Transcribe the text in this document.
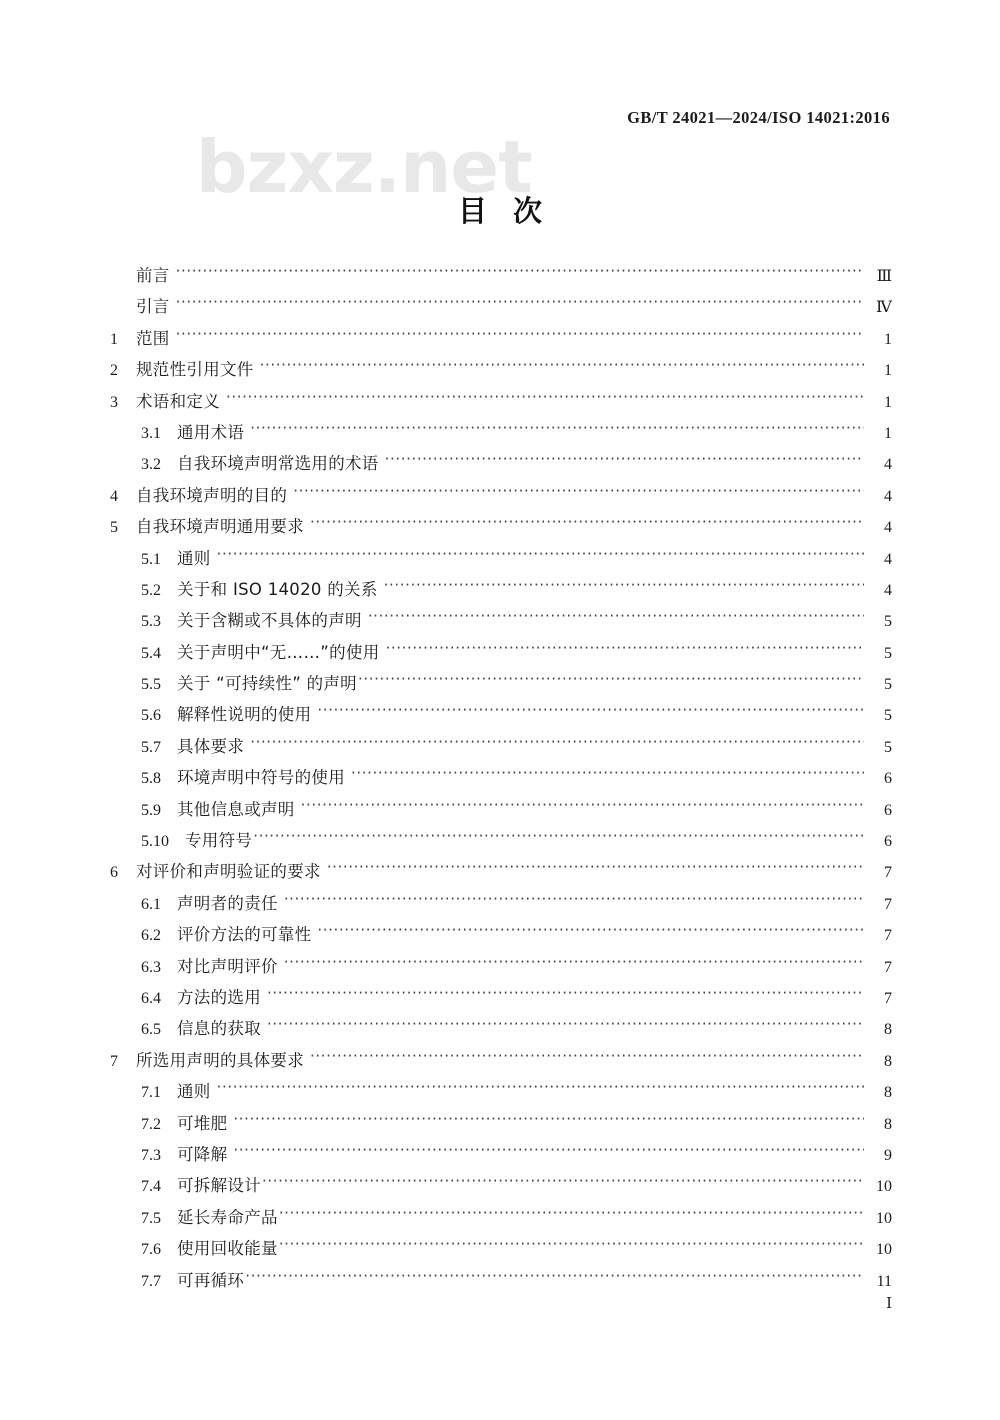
GB/T 24021—2024/ISO 14021:2016
bzxz.net
目次
前言 ·····	Ⅲ
引言 ·····	Ⅳ
1	范围 ·····	1
2	规范性引用文件 ·····	1
3	术语和定义 ·····	1
3.1 通用术语 ·····	1
3.2 自我环境声明常选用的术语 ·····	4
4	自我环境声明的目的 ·····	4
5	自我环境声明通用要求 ·····	4
5.1 通则 ·····	4
5.2 关于和 ISO 14020 的关系 ·····	4
5.3 关于含糊或不具体的声明 ·····	5
5.4 关于声明中“无……”的使用 ·····	5
5.5 关于 “可持续性” 的声明 ·····	5
5.6 解释性说明的使用 ·····	5
5.7 具体要求 ·····	5
5.8 环境声明中符号的使用 ·····	6
5.9 其他信息或声明 ·····	6
5.10 专用符号 ·····	6
6	对评价和声明验证的要求 ·····	7
6.1 声明者的责任 ·····	7
6.2 评价方法的可靠性 ·····	7
6.3 对比声明评价 ·····	7
6.4 方法的选用 ·····	7
6.5 信息的获取 ·····	8
7	所选用声明的具体要求 ·····	8
7.1 通则 ·····	8
7.2 可堆肥 ·····	8
7.3 可降解 ·····	9
7.4 可拆解设计 ·····	10
7.5 延长寿命产品 ·····	10
7.6 使用回收能量 ·····	10
7.7 可再循环 ·····	11
Ⅰ
